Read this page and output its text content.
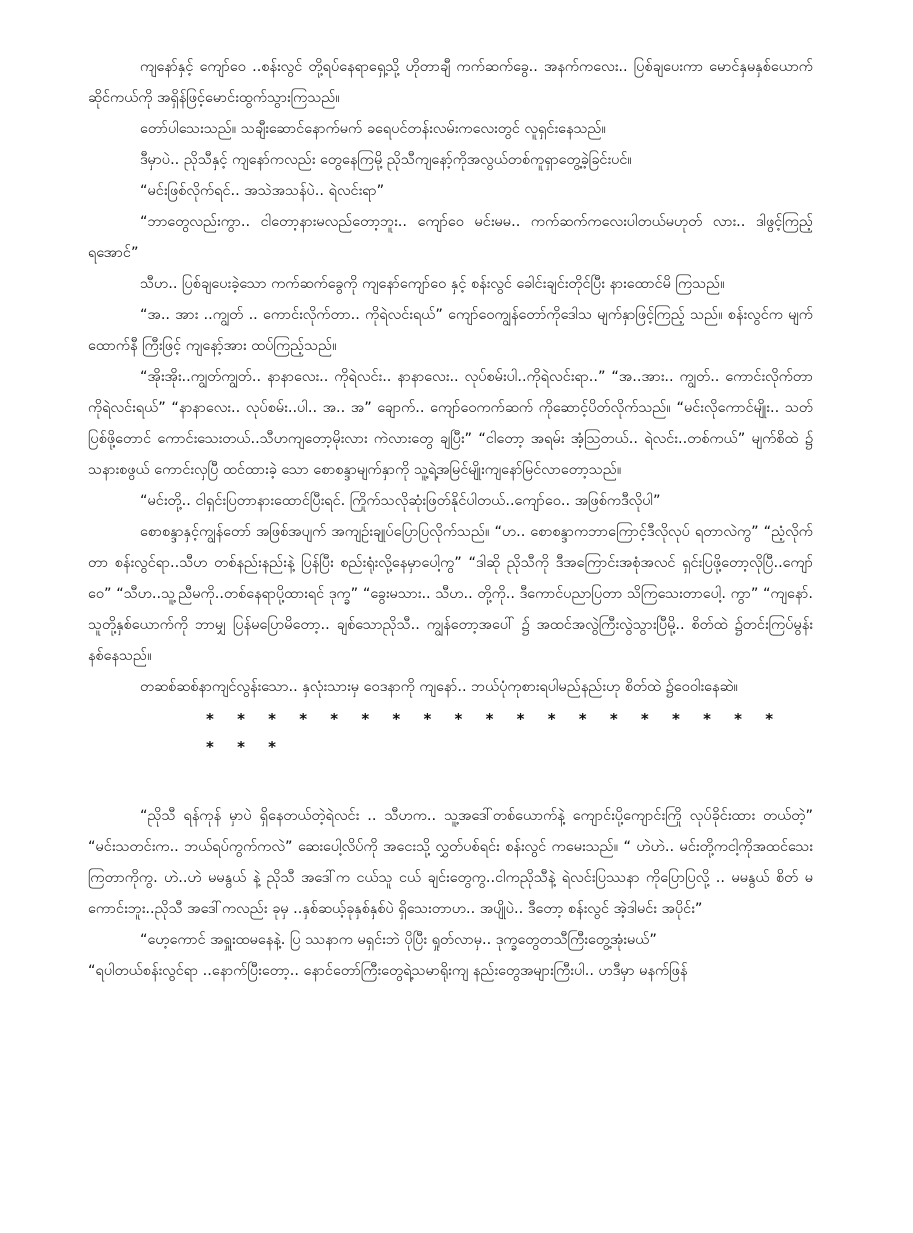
ကျနော်နှင့် ကျော်ဝေ ..စန်းလွင် တို့ရပ်နေရာရှေ့သို့ ဟိုတာချီ ကက်ဆက်ခွေ.. အနက်ကလေး.. ပြစ်ချပေးကာ မောင်နှမနှစ်ယောက် ဆိုင်ကယ်ကို အရှိန်ဖြင့်မောင်းထွက်သွားကြသည်။

တော်ပါသေးသည်။ သချီးဆောင်နောက်မက် ခရေပင်တန်းလမ်းကလေးတွင် လူရှင်းနေသည်။

ဒီမှာပဲ.. ညိုသီနှင့် ကျနော်ကလည်း တွေနေကြမို့ ညိုသီကျနော့်ကိုအလွယ်တစ်ကူရှာတွေ့ခဲ့ခြင်းပင်။

“မင်းဖြစ်လိုက်ရင်.. အသဲအသန်ပဲ.. ရဲလင်းရာ”

“ဘာတွေလည်းကွာ.. ငါတော့နားမလည်တော့ဘူး.. ကျော်ဝေ မင်းမမ.. ကက်ဆက်ကလေးပါတယ်မဟုတ် လား.. ဒါဖွင့်ကြည့်ရအောင်”

သီဟ.. ပြစ်ချပေးခဲ့သော ကက်ဆက်ခွေကို ကျနော်ကျော်ဝေ နှင့် စန်းလွင် ခေါင်းချင်းတိုင်ပြီး နားထောင်မိ ကြသည်။

“အ.. အား ..ကျွတ် .. ကောင်းလိုက်တာ.. ကိုရဲလင်းရယ်” ကျော်ဝေကျွန်တော်ကိုဒေါသ မျက်နှာဖြင့်ကြည့် သည်။ စန်းလွင်က မျက်ထောက်နီ ကြီးဖြင့် ကျနော့်အား ထပ်ကြည့်သည်။

“အိုးအိုး..ကျွတ်ကျွတ်.. နာနာလေး.. ကိုရဲလင်း.. နာနာလေး.. လုပ်စမ်းပါ..ကိုရဲလင်းရာ..” “အ..အား.. ကျွတ်.. ကောင်းလိုက်တာကိုရဲလင်းရယ်” “နာနာလေး.. လုပ်စမ်း..ပါ.. အ.. အ” ချောက်.. ကျော်ဝေကက်ဆက် ကိုဆောင့်ပိတ်လိုက်သည်။ “မင်းလိုကောင်မျိုး.. သတ်ပြစ်ဖို့တောင် ကောင်းသေးတယ်..သီဟကျတော့မိုးလား ကဲလားတွေ ချပြီး” “ငါတော့ အရမ်း အံ့ဩတယ်.. ရဲလင်း..တစ်ကယ်” မျက်စိထဲ ၌ သနားစဖွယ် ကောင်းလှပြီ ထင်ထားခဲ့ သော စောစန္ဒာမျက်နှာကို သူ့ရဲ့အမြင်မျိုးကျနော်မြင်လာတော့သည်။

“မင်းတို့.. ငါရှင်းပြတာနားထောင်ပြီးရင်. ကြိုက်သလိုဆုံးဖြတ်နိုင်ပါတယ်..ကျော်ဝေ.. အဖြစ်ကဒီလိုပါ”

စောစန္ဒာနှင့်ကျွန်တော် အဖြစ်အပျက် အကျဉ်းချုပ်ပြောပြလိုက်သည်။ “ဟ.. စောစန္ဒာကဘာကြောင့်ဒီလိုလုပ် ရတာလဲကွ” “ညံ့လိုက်တာ စန်းလွင်ရာ..သီဟ တစ်နည်းနည်းနဲ့ ပြန်ပြီး စည်းရုံးလို့နေမှာပေါ့ကွ” “ဒါဆို ညိုသီကို ဒီအကြောင်းအစုံအလင် ရှင်းပြဖို့တော့လိုပြီ..ကျော်ဝေ” “သီဟ..သူ့ညီမကို..တစ်နေရာပို့ထားရင် ဒုက္ခ” “ခွေးမသား.. သီဟ.. တို့ကို.. ဒီကောင်ပညာပြတာ သိကြသေးတာပေါ့. ကွာ” “ကျနော်. သူတို့နှစ်ယောက်ကို ဘာမျှ ပြန်မပြောမိတော့.. ချစ်သောညိုသီ.. ကျွန်တော့အပေါ် ၌ အထင်အလွဲကြီးလွဲသွားပြီမို့.. စိတ်ထဲ ၌တင်းကြပ်မွန်း နစ်နေသည်။

တဆစ်ဆစ်နာကျင်လွန်းသော.. နှလုံးသားမှ ဝေဒနာကို ကျနော်.. ဘယ်ပုံကုစားရပါမည်နည်းဟု စိတ်ထဲ ၌ဝေဝါးနေဆဲ။

* * * * * * * * * * * * * * * * * * * * * *

“ညိုသီ ရန်ကုန် မှာပဲ ရှိနေတယ်တဲ့ရဲလင်း .. သီဟက.. သူ့အဒေါ်တစ်ယောက်နဲ့ ကျောင်းပို့ကျောင်းကြို လုပ်ခိုင်းထား တယ်တဲ့” “မင်းသတင်းက.. ဘယ်ရပ်ကွက်ကလဲ” ဆေးပေါ့လိပ်ကို အငေးသို့ လွှတ်ပစ်ရင်း စန်းလွင် ကမေးသည်။ “ ဟဲဟဲ.. မင်းတို့ကငါ့ကိုအထင်သေး ကြတာကိုကွ. ဟဲ..ဟဲ မမနွယ် နဲ့ ညိုသီ အဒေါ်က ငယ်သူ ငယ် ချင်းတွေကွ..ငါကညိုသီနဲ့ ရဲလင်းပြဿနာ ကိုပြောပြလို့ .. မမနွယ် စိတ် မကောင်းဘူး..ညိုသီ အဒေါ်ကလည်း ခုမှ ..နှစ်ဆယ့်ခုနှစ်နှစ်ပဲ ရှိသေးတာဟ.. အပျိုပဲ.. ဒီတော့ စန်းလွင် အဲ့ဒါမင်း အပိုင်း”

“ဟေ့ကောင် အရှူးထမနေနဲ့. ပြ ဿနာက မရှင်းဘဲ ပိုပြီး ရှုတ်လာမှ.. ဒုက္ခတွေတသီကြီးတွေ့အုံးမယ်”

“ရပါတယ်စန်းလွင်ရာ ..နောက်ပြီးတော့.. နောင်တော်ကြီးတွေရဲ့သမာရိုးကျ နည်းတွေအများကြီးပါ.. ဟဒီမှာ မနက်ဖြန်
